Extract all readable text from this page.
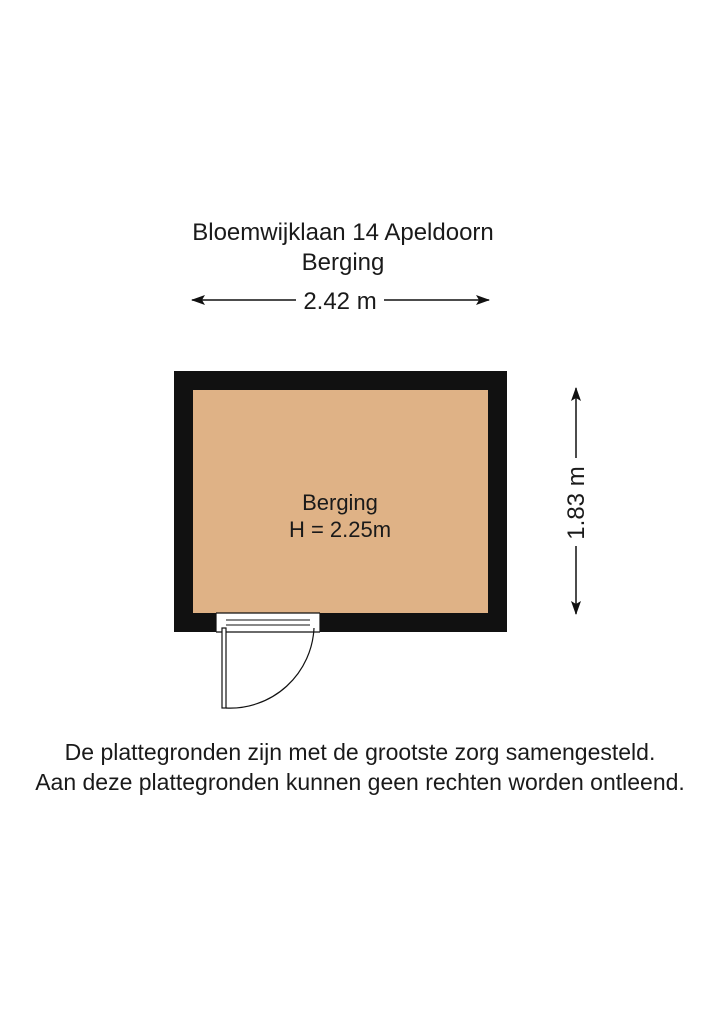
Bloemwijklaan 14 Apeldoorn
Berging
2.42 m
1.83 m
Berging
H = 2.25m
De plattegronden zijn met de grootste zorg samengesteld.
Aan deze plattegronden kunnen geen rechten worden ontleend.
